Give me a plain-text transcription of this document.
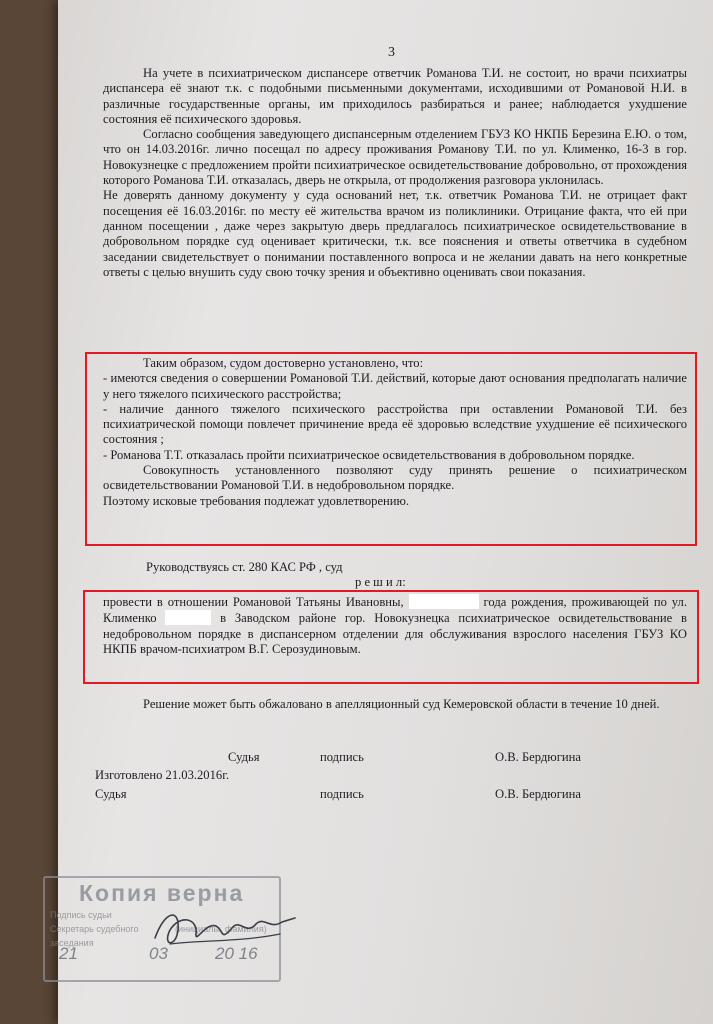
3

На учете в психиатрическом диспансере ответчик Романова Т.И. не состоит, но врачи психиатры диспансера её знают т.к. с подобными письменными документами, исходившими от Романовой Н.И. в различные государственные органы, им приходилось разбираться и ранее; наблюдается ухудшение состояния её психического здоровья.

Согласно сообщения заведующего диспансерным отделением ГБУЗ КО НКПБ Березина Е.Ю. о том, что он 14.03.2016г. лично посещал по адресу проживания Романову Т.И. по ул. Клименко, 16-3 в гор. Новокузнецке с предложением пройти психиатрическое освидетельствование добровольно, от прохождения которого Романова Т.И. отказалась, дверь не открыла, от продолжения разговора уклонилась.

Не доверять данному документу у суда оснований нет, т.к. ответчик Романова Т.И. не отрицает факт посещения её 16.03.2016г. по месту её жительства врачом из поликлиники. Отрицание факта, что ей при данном посещении , даже через закрытую дверь предлагалось психиатрическое освидетельствование в добровольном порядке суд оценивает критически, т.к. все пояснения и ответы ответчика в судебном заседании свидетельствует о понимании поставленного вопроса и не желании давать на него конкретные ответы с целью внушить суду свою точку зрения и объективно оценивать свои показания.

Таким образом, судом достоверно установлено, что:

- имеются сведения о совершении Романовой Т.И. действий, которые дают основания предполагать наличие у него тяжелого психического расстройства;

- наличие данного тяжелого психического расстройства при оставлении Романовой Т.И. без психиатрической помощи повлечет причинение вреда её здоровью вследствие ухудшение её психического состояния ;

- Романова Т.Т. отказалась пройти психиатрическое освидетельствования в добровольном порядке.

Совокупность установленного позволяют суду принять решение о психиатрическом освидетельствовании Романовой Т.И. в недобровольном порядке.

Поэтому исковые требования подлежат удовлетворению.

Руководствуясь ст. 280 КАС РФ , суд
р е ш и л:

провести в отношении Романовой Татьяны Ивановны,	года рождения, проживающей по ул. Клименко	в Заводском районе гор. Новокузнецка психиатрическое освидетельствование в недобровольном порядке в диспансерном отделении для обслуживания взрослого населения ГБУЗ КО НКПБ врачом-психиатром В.Г. Серозудиновым.

Решение может быть обжаловано в апелляционный суд Кемеровской области в течение 10 дней.

Судья	подпись	О.В. Бердюгина
Изготовлено 21.03.2016г.
Судья	подпись	О.В. Бердюгина
Копия верна
Подпись судьи
Секретарь судебного	(инициалы, фамилия)
заседания
21	03	20 16
